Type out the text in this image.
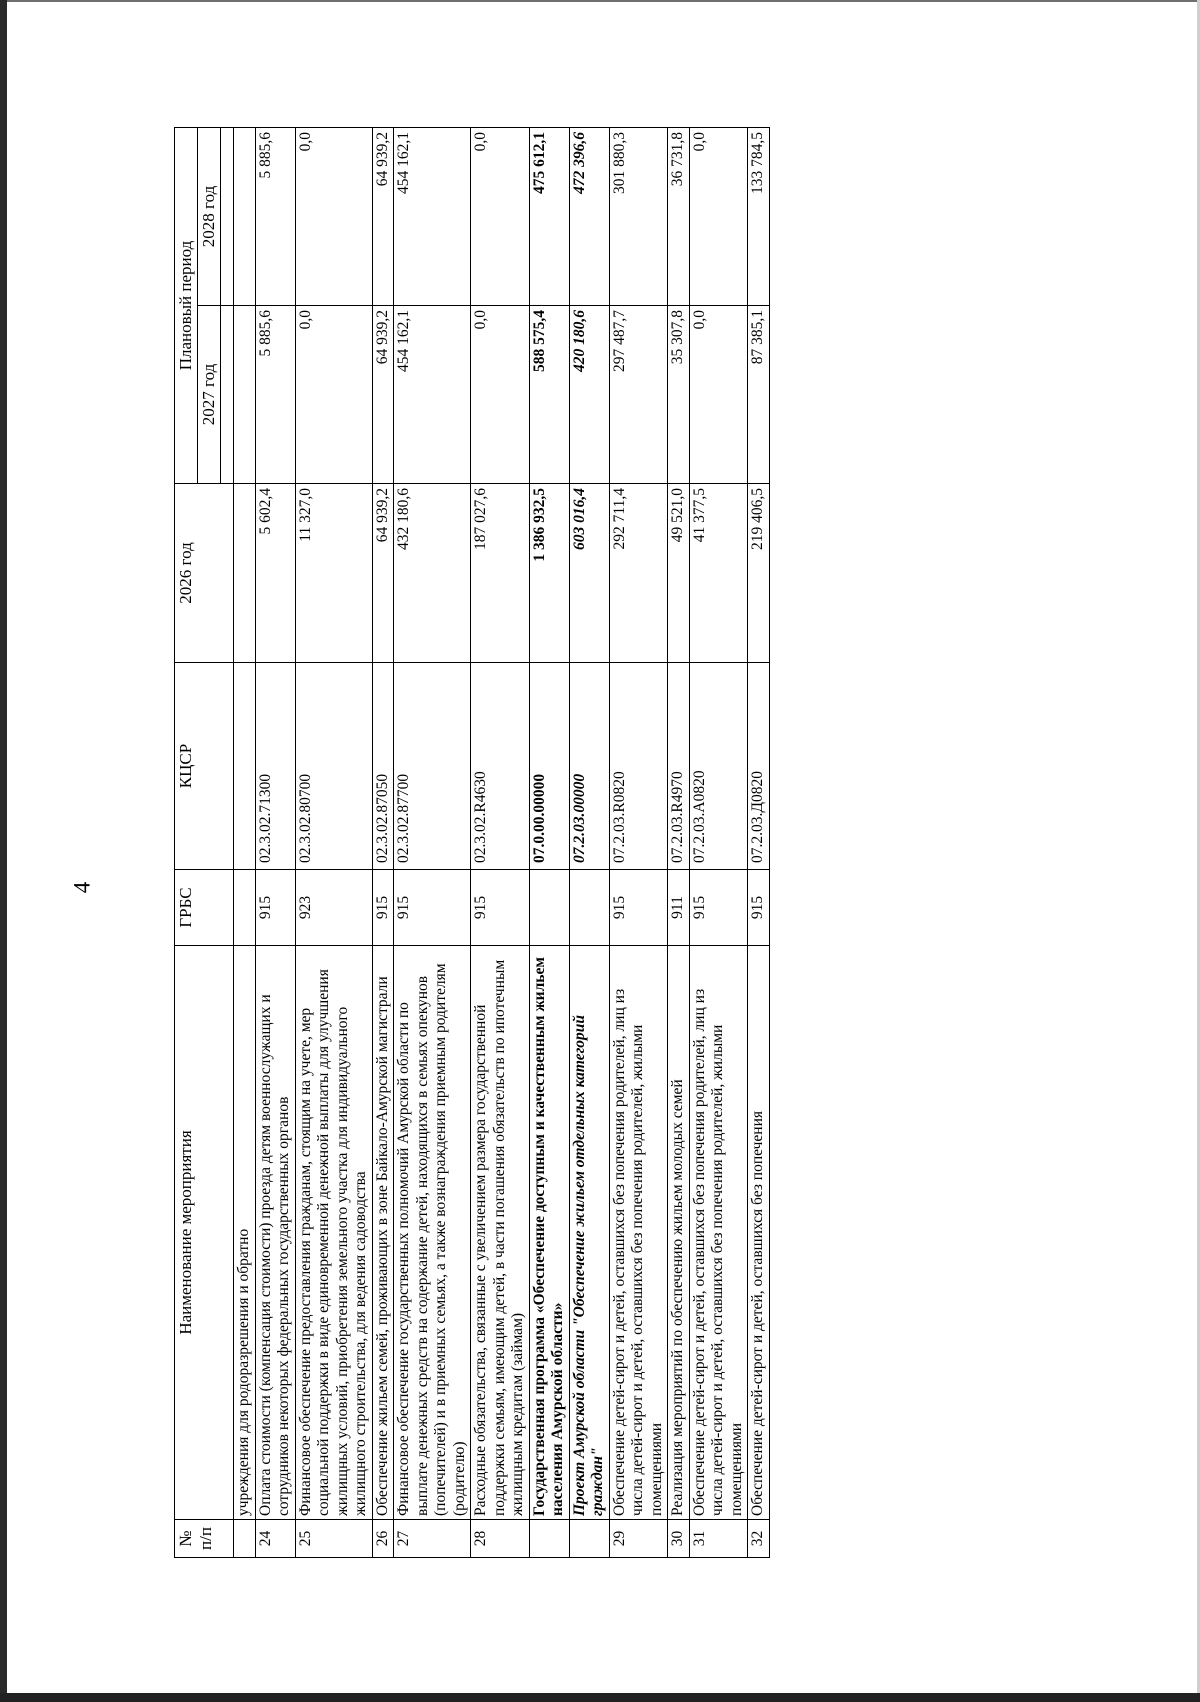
4
№ п/п	Наименование мероприятия	ГРБС	КЦСР	2026 год	Плановый период	
					2027 год	2028 год

	учреждения для родоразрешения и обратно					
24	Оплата стоимости (компенсация стоимости) проезда детям военнослужащих и сотрудников некоторых федеральных государственных органов	915	02.3.02.71300	5 602,4	5 885,6	5 885,6
25	Финансовое обеспечение предоставления гражданам, стоящим на учете, мер социальной поддержки в виде единовременной денежной выплаты для улучшения жилищных условий, приобретения земельного участка для индивидуального жилищного строительства, для ведения садоводства	923	02.3.02.80700	11 327,0	0,0	0,0
26	Обеспечение жильем семей, проживающих в зоне Байкало-Амурской магистрали	915	02.3.02.87050	64 939,2	64 939,2	64 939,2
27	Финансовое обеспечение государственных полномочий Амурской области по выплате денежных средств на содержание детей, находящихся в семьях опекунов (попечителей) и в приемных семьях, а также вознаграждения приемным родителям (родителю)	915	02.3.02.87700	432 180,6	454 162,1	454 162,1
28	Расходные обязательства, связанные с увеличением размера государственной поддержки семьям, имеющим детей, в части погашения обязательств по ипотечным жилищным кредитам (займам)	915	02.3.02.R4630	187 027,6	0,0	0,0
	Государственная программа «Обеспечение доступным и качественным жильем населения Амурской области»		07.0.00.00000	1 386 932,5	588 575,4	475 612,1
	Проект Амурской области "Обеспечение жильем отдельных категорий граждан"		07.2.03.00000	603 016,4	420 180,6	472 396,6
29	Обеспечение детей-сирот и детей, оставшихся без попечения родителей, лиц из числа детей-сирот и детей, оставшихся без попечения родителей, жилыми помещениями	915	07.2.03.R0820	292 711,4	297 487,7	301 880,3
30	Реализация мероприятий по обеспечению жильем молодых семей	911	07.2.03.R4970	49 521,0	35 307,8	36 731,8
31	Обеспечение детей-сирот и детей, оставшихся без попечения родителей, лиц из числа детей-сирот и детей, оставшихся без попечения родителей, жилыми помещениями	915	07.2.03.А0820	41 377,5	0,0	0,0
32	Обеспечение детей-сирот и детей, оставшихся без попечения	915	07.2.03.Д0820	219 406,5	87 385,1	133 784,5
